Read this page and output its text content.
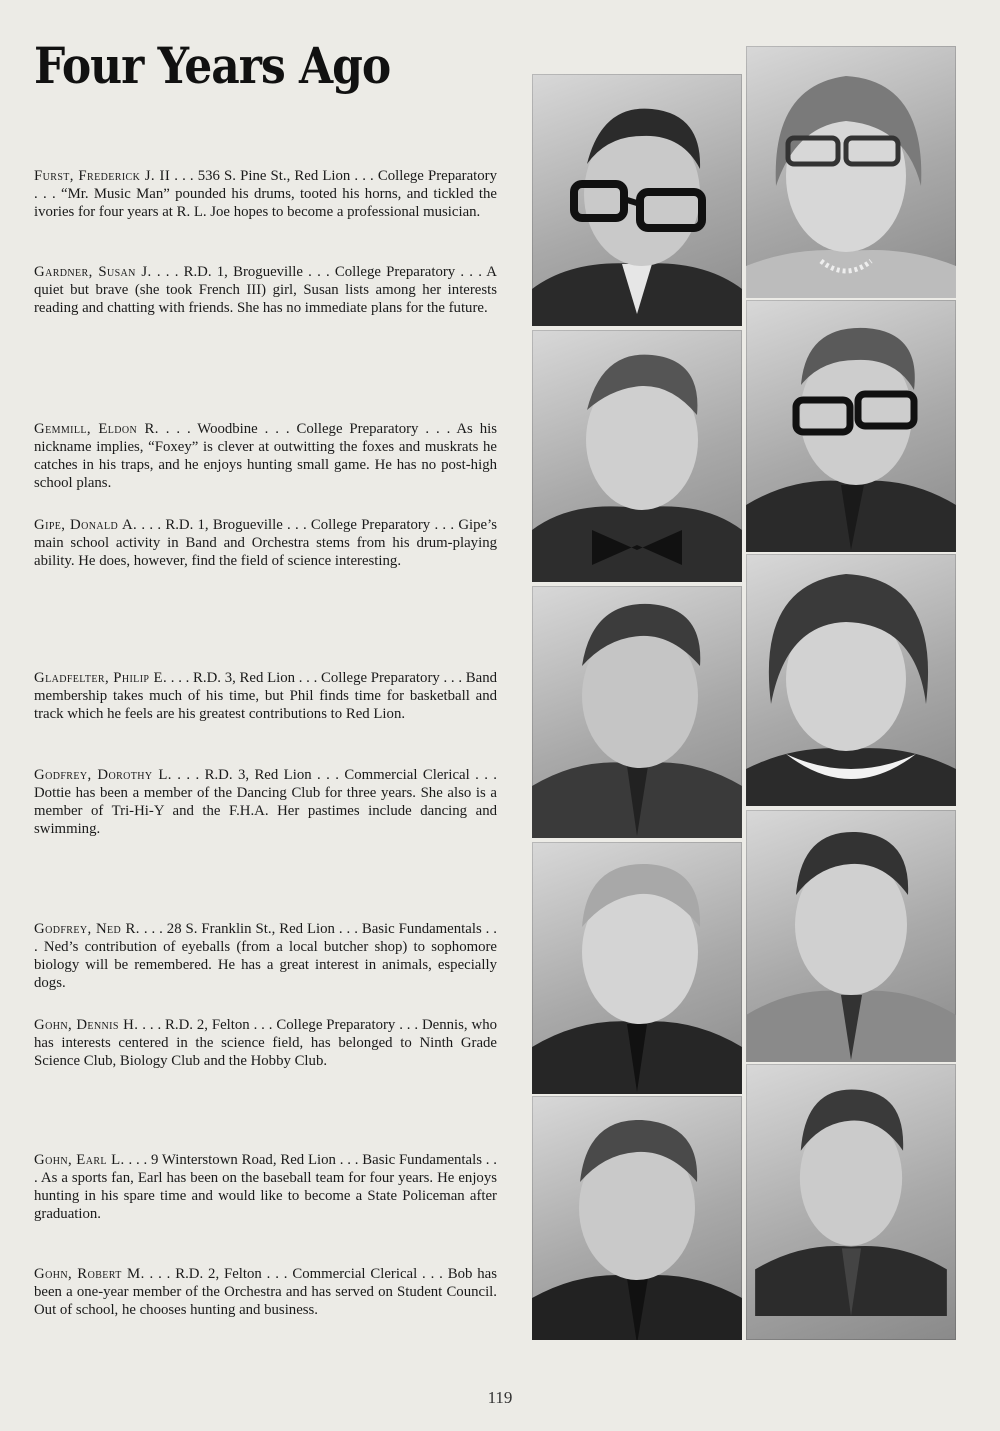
Four Years Ago
Furst, Frederick J. II . . . 536 S. Pine St., Red Lion . . . College Preparatory . . . “Mr. Music Man” pounded his drums, tooted his horns, and tickled the ivories for four years at R. L. Joe hopes to become a professional musician.
Gardner, Susan J. . . . R.D. 1, Brogueville . . . College Preparatory . . . A quiet but brave (she took French III) girl, Susan lists among her interests reading and chatting with friends. She has no immediate plans for the future.
Gemmill, Eldon R. . . . Woodbine . . . College Preparatory . . . As his nickname implies, “Foxey” is clever at outwitting the foxes and muskrats he catches in his traps, and he enjoys hunting small game. He has no post-high school plans.
Gipe, Donald A. . . . R.D. 1, Brogueville . . . College Preparatory . . . Gipe’s main school activity in Band and Orchestra stems from his drum-playing ability. He does, however, find the field of science interesting.
Gladfelter, Philip E. . . . R.D. 3, Red Lion . . . College Preparatory . . . Band membership takes much of his time, but Phil finds time for basketball and track which he feels are his greatest contributions to Red Lion.
Godfrey, Dorothy L. . . . R.D. 3, Red Lion . . . Commercial Clerical . . . Dottie has been a member of the Dancing Club for three years. She also is a member of Tri-Hi-Y and the F.H.A. Her pastimes include dancing and swimming.
Godfrey, Ned R. . . . 28 S. Franklin St., Red Lion . . . Basic Fundamentals . . . Ned’s contribution of eyeballs (from a local butcher shop) to sophomore biology will be remembered. He has a great interest in animals, especially dogs.
Gohn, Dennis H. . . . R.D. 2, Felton . . . College Preparatory . . . Dennis, who has interests centered in the science field, has belonged to Ninth Grade Science Club, Biology Club and the Hobby Club.
Gohn, Earl L. . . . 9 Winterstown Road, Red Lion . . . Basic Fundamentals . . . As a sports fan, Earl has been on the baseball team for four years. He enjoys hunting in his spare time and would like to become a State Policeman after graduation.
Gohn, Robert M. . . . R.D. 2, Felton . . . Commercial Clerical . . . Bob has been a one-year member of the Orchestra and has served on Student Council. Out of school, he chooses hunting and business.
119
